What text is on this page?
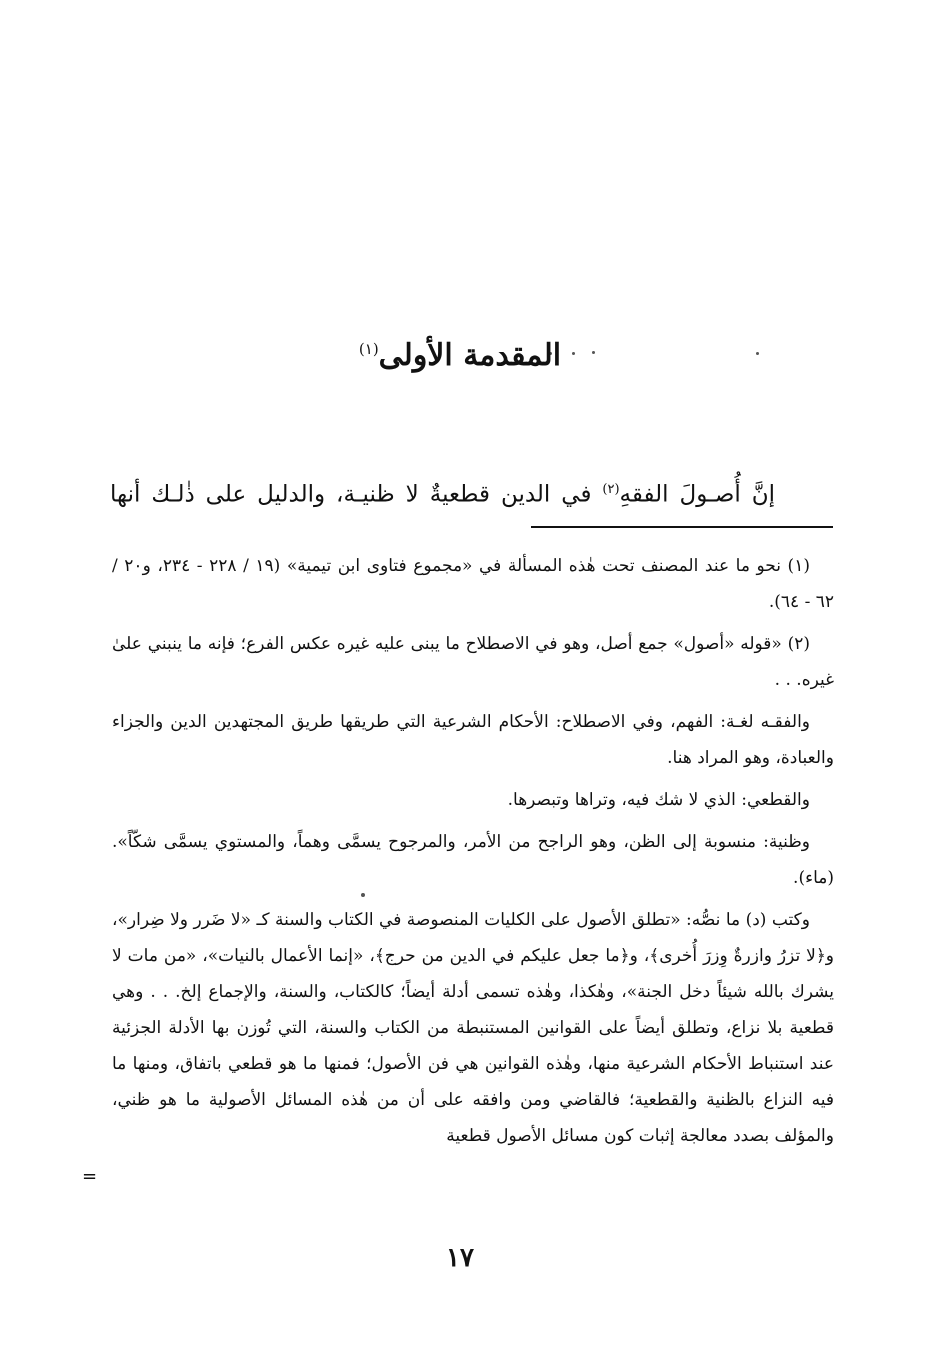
المقدمة الأولى$^{(١)}$
إنَّ أُصـولَ الفقهِ$^{(٢)}$ في الدين قطعيةٌ لا ظنيـة، والدليل على ذٰلـك أنها

(١) نحو ما عند المصنف تحت هٰذه المسألة في «مجموع فتاوى ابن تيمية» (١٩ / ٢٢٨ - ٢٣٤، و٢٠ / ٦٢ - ٦٤).

(٢) «قوله «أصول» جمع أصل، وهو في الاصطلاح ما يبنى عليه غيره عكس الفرع؛ فإنه ما ينبني علىٰ غيره. . .

والفقـه لغـة: الفهم، وفي الاصطلاح: الأحكام الشرعية التي طريقها طريق المجتهدين الدين والجزاء والعبادة، وهو المراد هنا.

والقطعي: الذي لا شك فيه، وتراها وتبصرها.

وظنية: منسوبة إلى الظن، وهو الراجح من الأمر، والمرجوح يسمَّى وهماً، والمستوي يسمَّى شكّاً». (ماء).

وكتب (د) ما نصُّه: «تطلق الأصول على الكليات المنصوصة في الكتاب والسنة كـ «لا ضَرر ولا ضِرار»، و﴿لا تزرُ وازرةٌ وِزرَ أُخرى﴾، و﴿ما جعل عليكم في الدين من حرج﴾، «إنما الأعمال بالنيات»، «من مات لا يشرك بالله شيئاً دخل الجنة»، وهٰكذا، وهٰذه تسمى أدلة أيضاً؛ كالكتاب، والسنة، والإجماع إلخ. . . وهي قطعية بلا نزاع، وتطلق أيضاً على القوانين المستنبطة من الكتاب والسنة، التي تُوزن بها الأدلة الجزئية عند استنباط الأحكام الشرعية منها، وهٰذه القوانين هي فن الأصول؛ فمنها ما هو قطعي باتفاق، ومنها ما فيه النزاع بالظنية والقطعية؛ فالقاضي ومن وافقه على أن من هٰذه المسائل الأصولية ما هو ظني، والمؤلف بصدد معالجة إثبات كون مسائل الأصول قطعية

=
١٧
